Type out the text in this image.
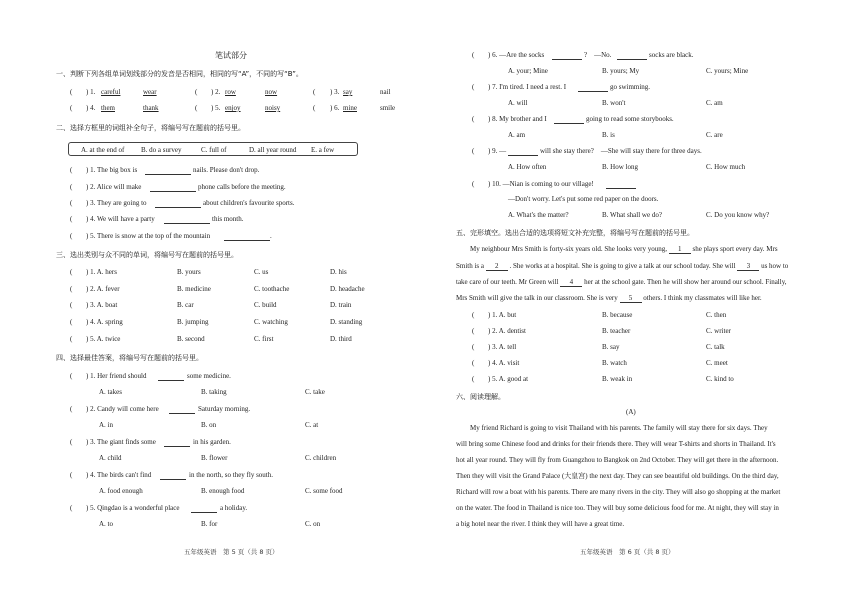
笔试部分
一、判断下列各组单词划线部分的发音是否相同，相同的写“A”，不同的写“B”。
( ) 1. careful	wear	( ) 2. row	now	( ) 3. say	nail
( ) 4. them	thank	( ) 5. enjoy	noisy	( ) 6. mine	smile
二、选择方框里的词组补全句子，将编号写在题前的括号里。
A. at the end of B. do a survey	C. full of	D. all year round E. a few
( ) 1. The big box is	nails. Please don't drop.
( ) 2. Alice will make	phone calls before the meeting.
( ) 3. They are going to	about children's favourite sports.
( ) 4. We will have a party	this month.
( ) 5. There is snow at the top of the mountain	.
三、选出类别与众不同的单词，将编号写在题前的括号里。
( ) 1. A. hers	B. yours	C. us	D. his
( ) 2. A. fever	B. medicine	C. toothache	D. headache
( ) 3. A. boat	B. car	C. build	D. train
( ) 4. A. spring	B. jumping	C. watching	D. standing
( ) 5. A. twice	B. second	C. first	D. third
四、选择最佳答案，将编号写在题前的括号里。
( ) 1. Her friend should	some medicine.
A. takes	B. taking	C. take
( ) 2. Candy will come here	Saturday morning.
A. in	B. on	C. at
( ) 3. The giant finds some	in his garden.
A. child	B. flower	C. children
( ) 4. The birds can't find	in the north, so they fly south.
A. food enough	B. enough food	C. some food
( ) 5. Qingdao is a wonderful place	a holiday.
A. to	B. for	C. on
五年级英语　第 5 页（共 8 页）
( ) 6. —Are the socks	?　—No.	socks are black.
A. your; Mine	B. yours; My	C. yours; Mine
( ) 7. I'm tired. I need a rest. I	go swimming.
A. will	B. won't	C. am
( ) 8. My brother and I	going to read some storybooks.
A. am	B. is	C. are
( ) 9. —	will she stay there?　—She will stay there for three days.
A. How often	B. How long	C. How much
( ) 10. —Nian is coming to our village!
—Don't worry. Let's put some red paper on the doors.
A. What's the matter?	B. What shall we do?	C. Do you know why?
五、完形填空。选出合适的选项将短文补充完整，将编号写在题前的括号里。
My neighbour Mrs Smith is forty-six years old. She looks very young, 1 she plays sport every day. Mrs
Smith is a 2 . She works at a hospital. She is going to give a talk at our school today. She will 3 us how to
take care of our teeth. Mr Green will 4 her at the school gate. Then he will show her around our school. Finally,
Mrs Smith will give the talk in our classroom. She is very 5 others. I think my classmates will like her.
( ) 1. A. but	B. because	C. then
( ) 2. A. dentist	B. teacher	C. writer
( ) 3. A. tell	B. say	C. talk
( ) 4. A. visit	B. watch	C. meet
( ) 5. A. good at	B. weak in	C. kind to
六、阅读理解。
(A)
My friend Richard is going to visit Thailand with his parents. The family will stay there for six days. They
will bring some Chinese food and drinks for their friends there. They will wear T-shirts and shorts in Thailand. It's
hot all year round. They will fly from Guangzhou to Bangkok on 2nd October. They will get there in the afternoon.
Then they will visit the Grand Palace (大皇宫) the next day. They can see beautiful old buildings. On the third day,
Richard will row a boat with his parents. There are many rivers in the city. They will also go shopping at the market
on the water. The food in Thailand is nice too. They will buy some delicious food for me. At night, they will stay in
a big hotel near the river. I think they will have a great time.
五年级英语　第 6 页（共 8 页）
